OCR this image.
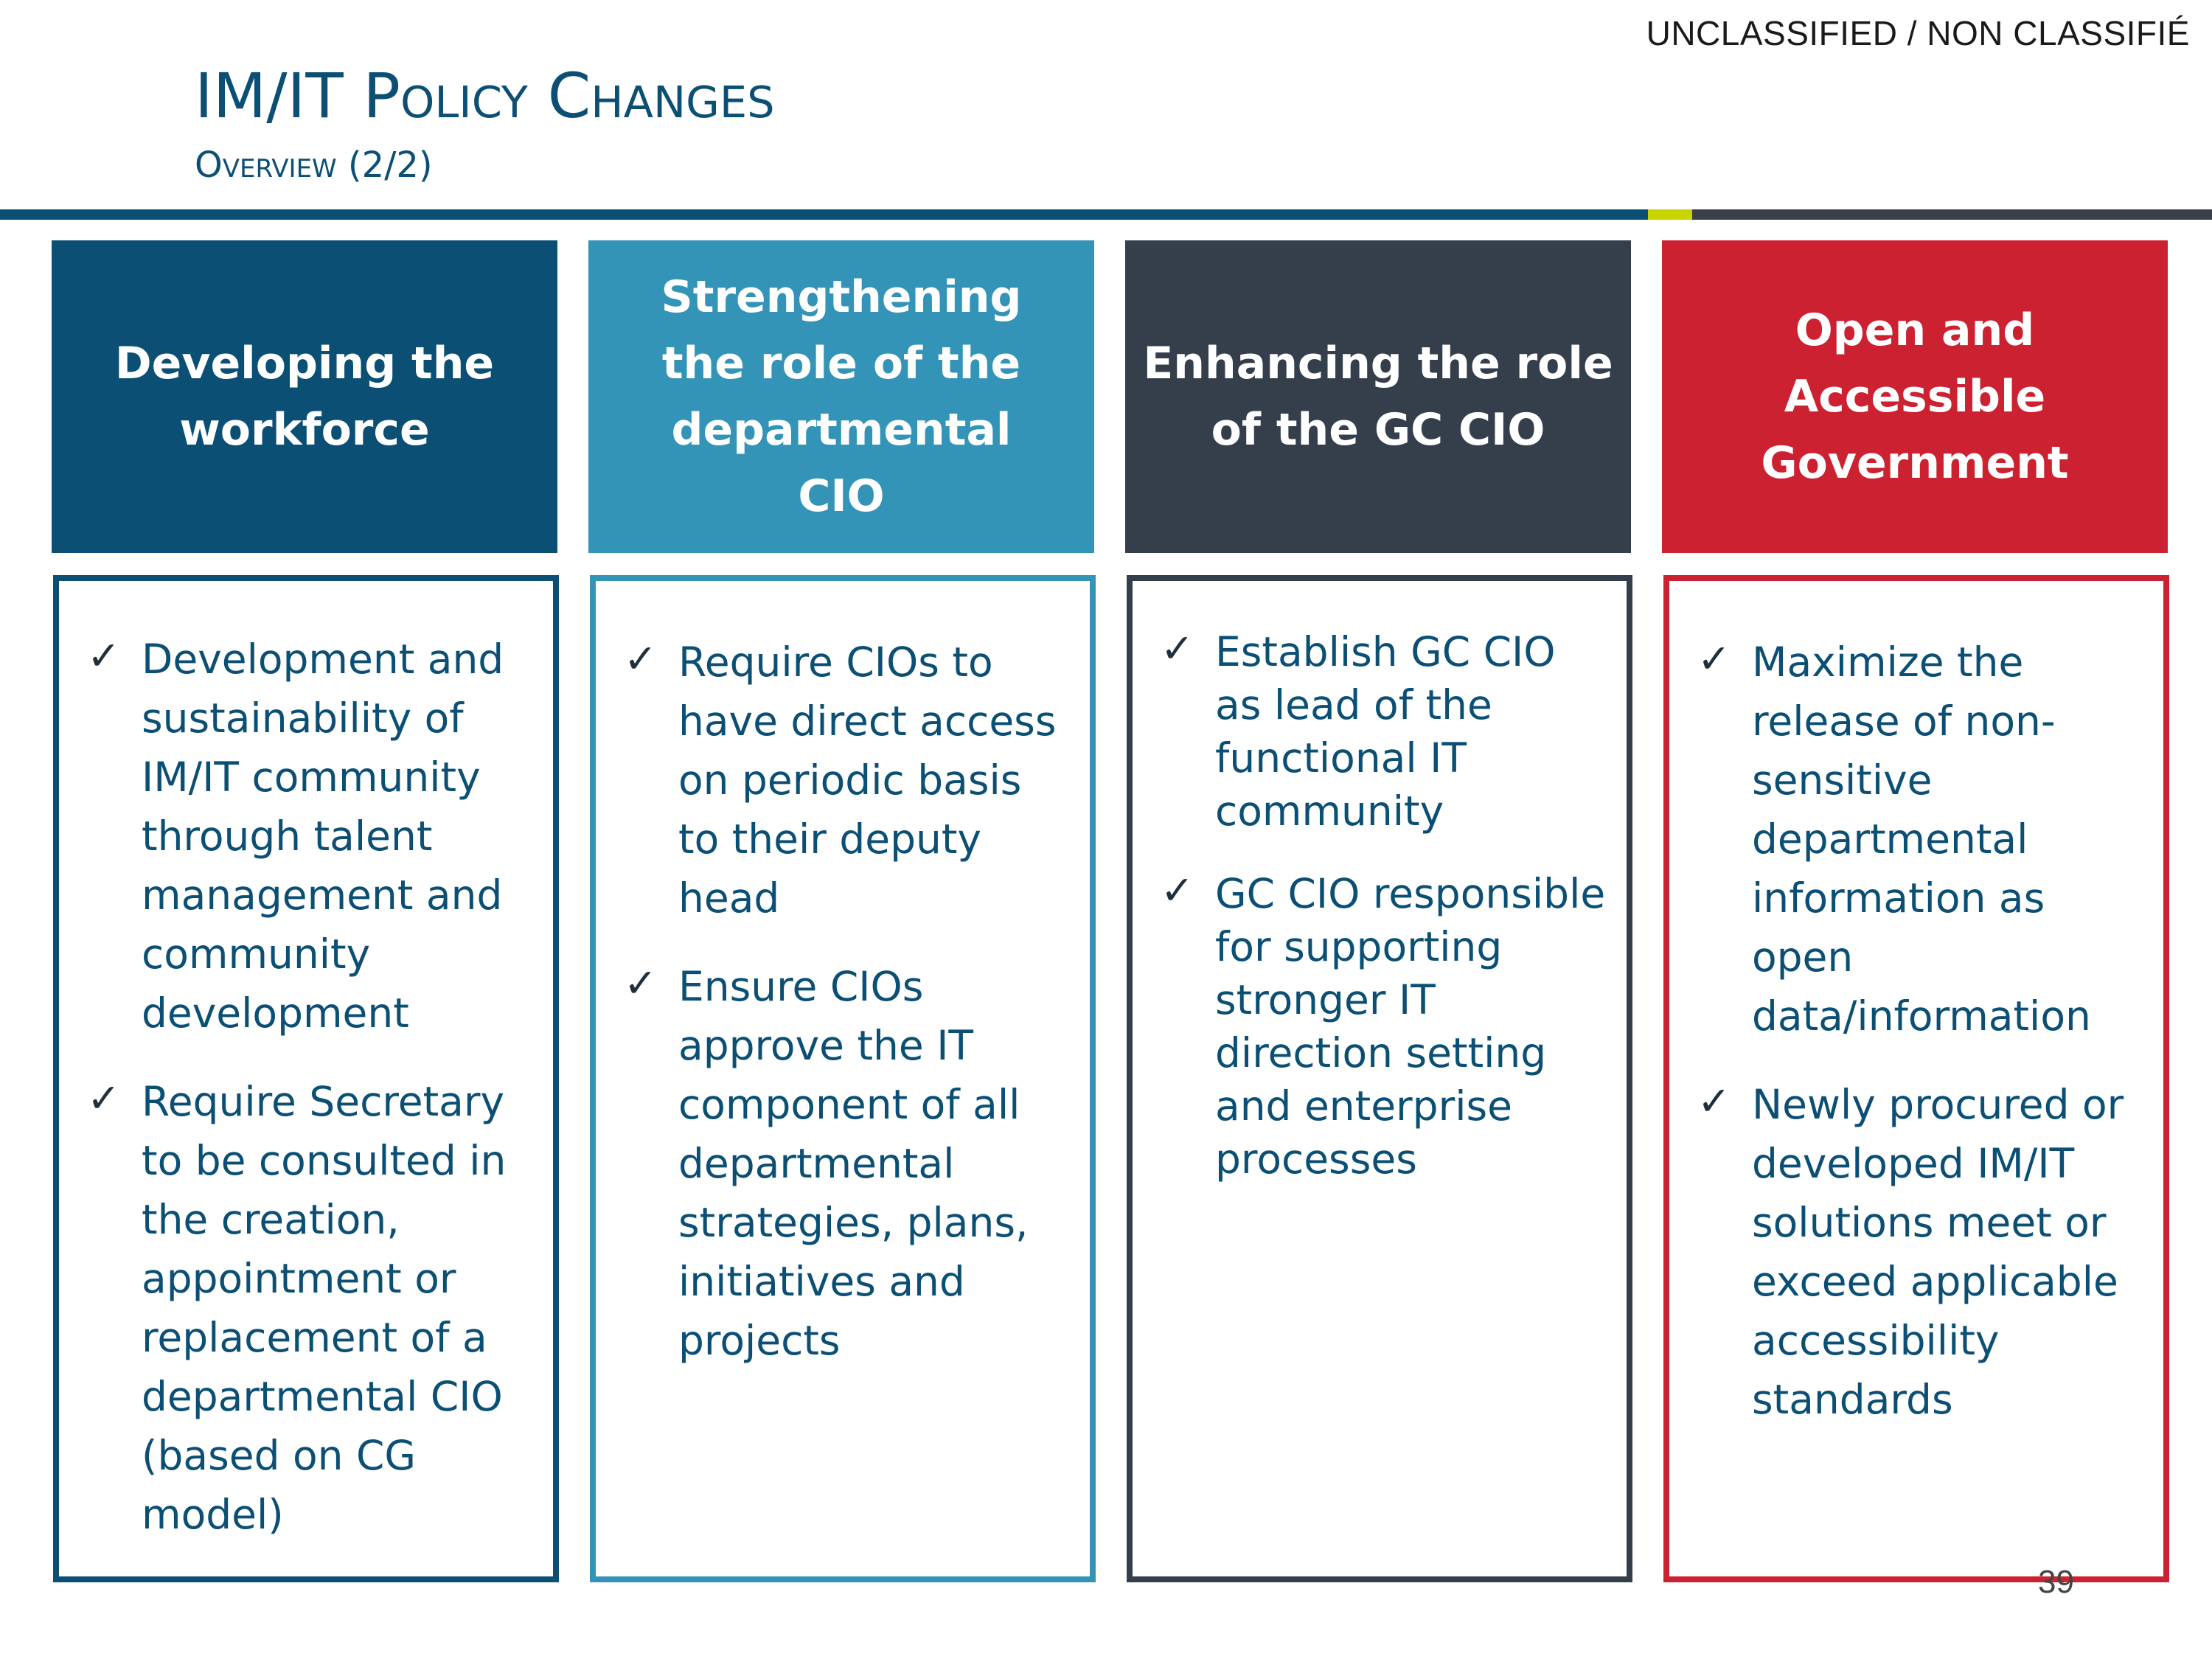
UNCLASSIFIED / NON CLASSIFIÉ
IM/IT Policy Changes
Overview (2/2)
Developing the workforce
Strengthening the role of the departmental CIO
Enhancing the role of the GC CIO
Open and Accessible Government
✓ Development and sustainability of IM/IT community through talent management and community development
✓ Require Secretary to be consulted in the creation, appointment or replacement of a departmental CIO (based on CG model)
✓ Require CIOs to have direct access on periodic basis to their deputy head
✓ Ensure CIOs approve the IT component of all departmental strategies, plans, initiatives and projects
✓ Establish GC CIO as lead of the functional IT community
✓ GC CIO responsible for supporting stronger IT direction setting and enterprise processes
✓ Maximize the release of non-sensitive departmental information as open data/information
✓ Newly procured or developed IM/IT solutions meet or exceed applicable accessibility standards
39
